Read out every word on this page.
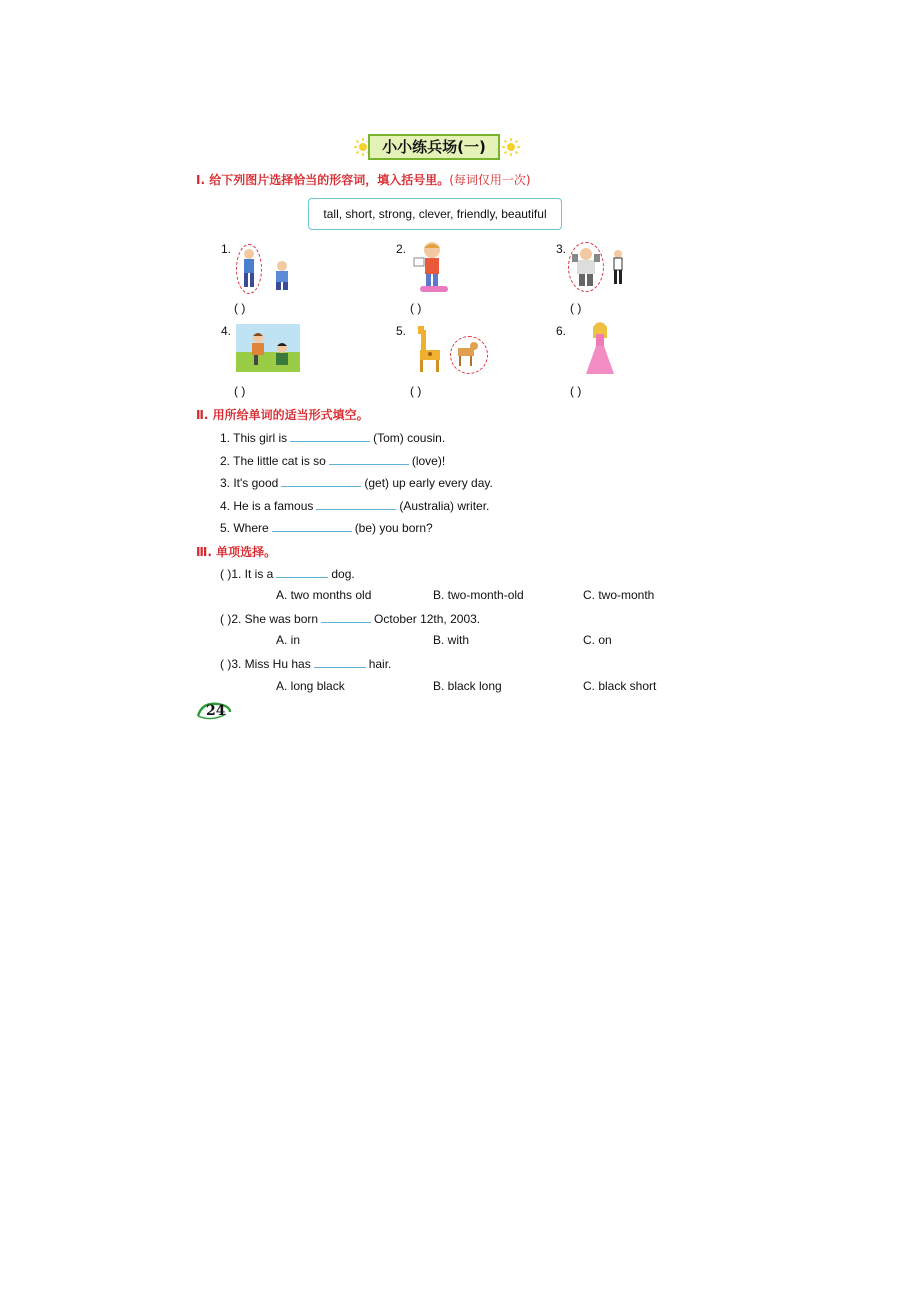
小小练兵场(一)
Ⅰ. 给下列图片选择恰当的形容词，填入括号里。(每词仅用一次)
tall, short, strong, clever, friendly, beautiful
1.
( )
2.
( )
3.
( )
4.
( )
5.
( )
6.
( )
Ⅱ. 用所给单词的适当形式填空。
1. This girl is	(Tom) cousin.
2. The little cat is so	(love)!
3. It's good	(get) up early every day.
4. He is a famous	(Australia) writer.
5. Where	(be) you born?
Ⅲ. 单项选择。
( )1. It is a	dog.
A. two months old	B. two-month-old	C. two-month
( )2. She was born	October 12th, 2003.
A. in	B. with	C. on
( )3. Miss Hu has	hair.
A. long black	B. black long	C. black short
24
